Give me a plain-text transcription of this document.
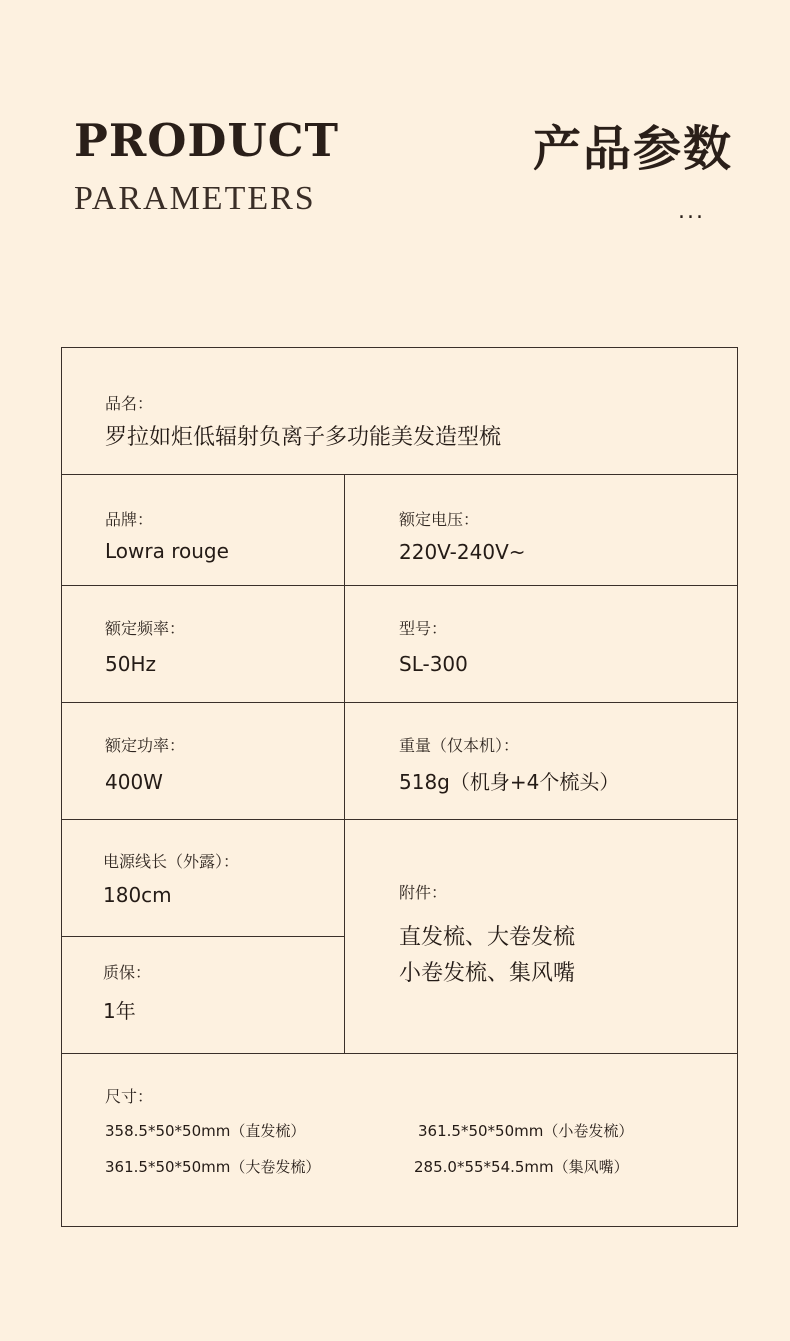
PRODUCT
PARAMETERS
产品参数
...
品名：
罗拉如炬低辐射负离子多功能美发造型梳
品牌：
Lowra rouge
额定电压：
220V-240V~
额定频率：
50Hz
型号：
SL-300
额定功率：
400W
重量（仅本机）：
518g（机身+4个梳头）
电源线长（外露）：
180cm
质保：
1年
附件：
直发梳、大卷发梳
小卷发梳、集风嘴
尺寸：
358.5*50*50mm（直发梳）	361.5*50*50mm（小卷发梳）
361.5*50*50mm（大卷发梳）	285.0*55*54.5mm（集风嘴）
